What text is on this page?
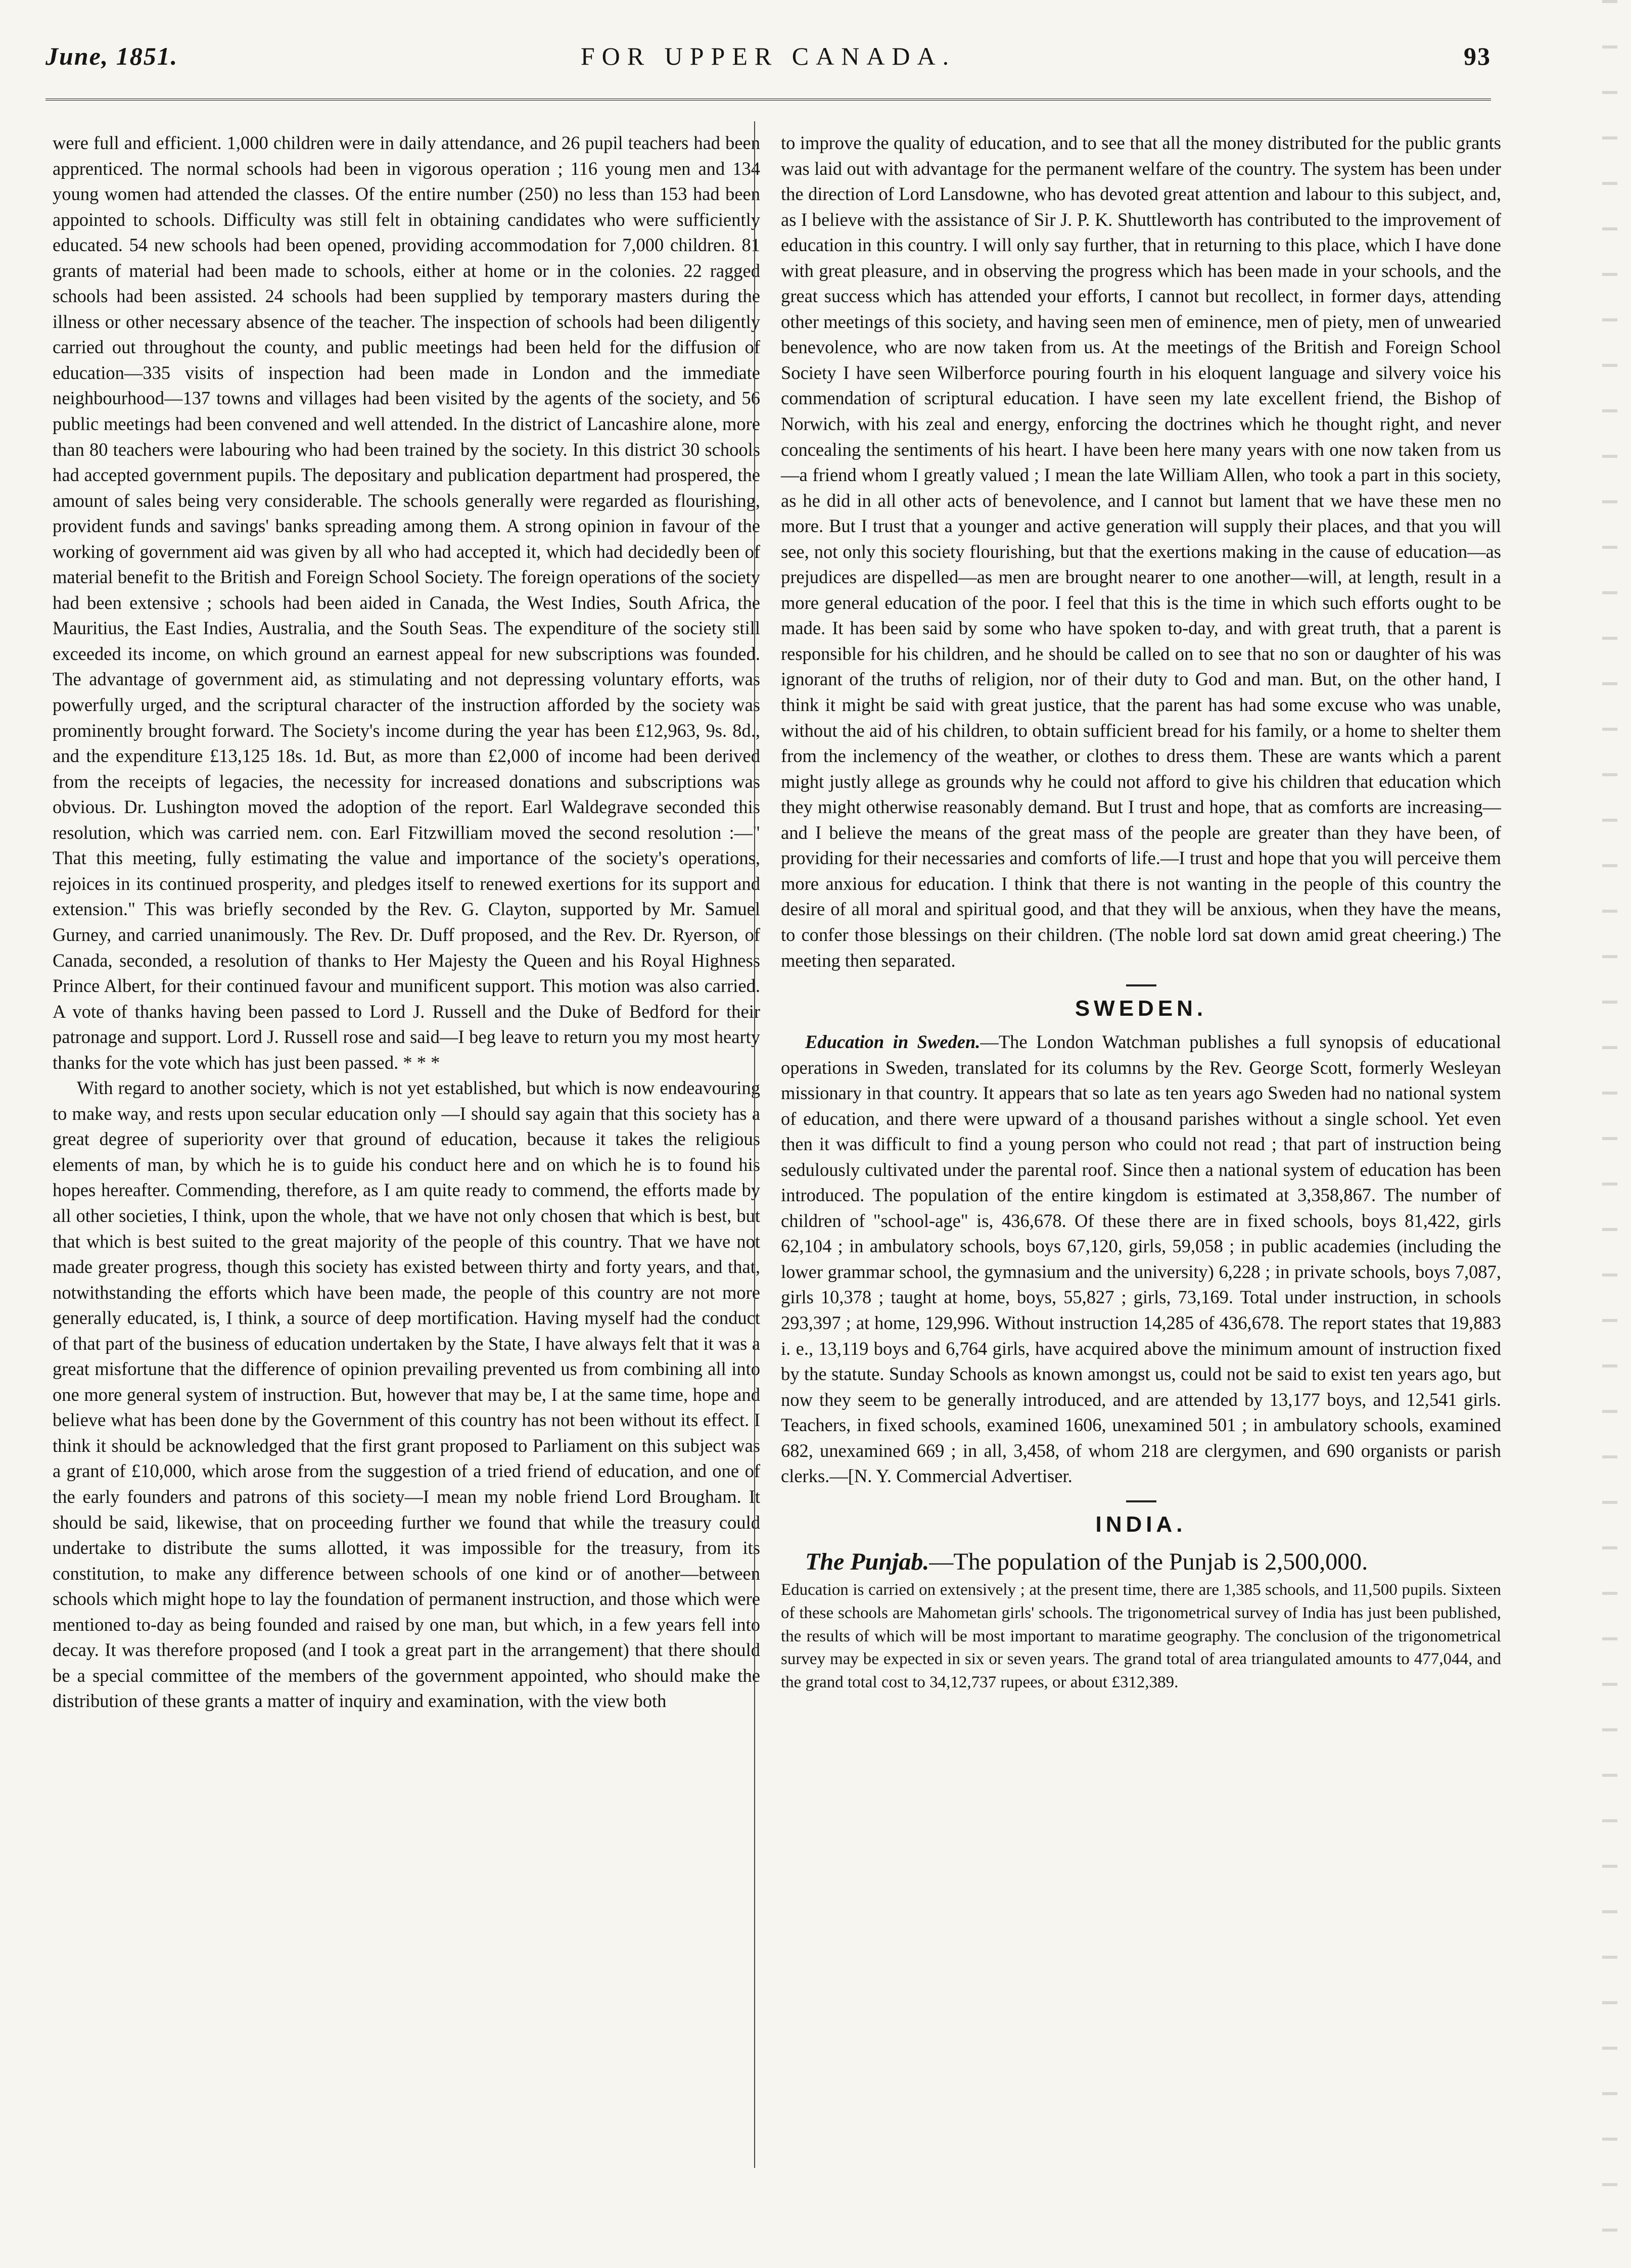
June, 1851.	FOR UPPER CANADA.	93

were full and efficient. 1,000 children were in daily attendance, and 26 pupil teachers had been apprenticed. The normal schools had been in vigorous operation ; 116 young men and 134 young women had attended the classes. Of the entire number (250) no less than 153 had been appointed to schools. Difficulty was still felt in obtaining candidates who were sufficiently educated. 54 new schools had been opened, providing accommodation for 7,000 children. 81 grants of material had been made to schools, either at home or in the colonies. 22 ragged schools had been assisted. 24 schools had been supplied by temporary masters during the illness or other necessary absence of the teacher. The inspection of schools had been diligently carried out throughout the county, and public meetings had been held for the diffusion of education—335 visits of inspection had been made in London and the immediate neighbourhood—137 towns and villages had been visited by the agents of the society, and 56 public meetings had been convened and well attended. In the district of Lancashire alone, more than 80 teachers were labouring who had been trained by the society. In this district 30 schools had accepted government pupils. The depositary and publication department had prospered, the amount of sales being very considerable. The schools generally were regarded as flourishing, provident funds and savings' banks spreading among them. A strong opinion in favour of the working of government aid was given by all who had accepted it, which had decidedly been of material benefit to the British and Foreign School Society. The foreign operations of the society had been extensive ; schools had been aided in Canada, the West Indies, South Africa, the Mauritius, the East Indies, Australia, and the South Seas. The expenditure of the society still exceeded its income, on which ground an earnest appeal for new subscriptions was founded. The advantage of government aid, as stimulating and not depressing voluntary efforts, was powerfully urged, and the scriptural character of the instruction afforded by the society was prominently brought forward. The Society's income during the year has been £12,963, 9s. 8d., and the expenditure £13,125 18s. 1d. But, as more than £2,000 of income had been derived from the receipts of legacies, the necessity for increased donations and subscriptions was obvious. Dr. Lushington moved the adoption of the report. Earl Waldegrave seconded this resolution, which was carried nem. con. Earl Fitzwilliam moved the second resolution :—" That this meeting, fully estimating the value and importance of the society's operations, rejoices in its continued prosperity, and pledges itself to renewed exertions for its support and extension." This was briefly seconded by the Rev. G. Clayton, supported by Mr. Samuel Gurney, and carried unanimously. The Rev. Dr. Duff proposed, and the Rev. Dr. Ryerson, of Canada, seconded, a resolution of thanks to Her Majesty the Queen and his Royal Highness Prince Albert, for their continued favour and munificent support. This motion was also carried. A vote of thanks having been passed to Lord J. Russell and the Duke of Bedford for their patronage and support. Lord J. Russell rose and said—I beg leave to return you my most hearty thanks for the vote which has just been passed. * * *

With regard to another society, which is not yet established, but which is now endeavouring to make way, and rests upon secular education only —I should say again that this society has a great degree of superiority over that ground of education, because it takes the religious elements of man, by which he is to guide his conduct here and on which he is to found his hopes hereafter. Commending, therefore, as I am quite ready to commend, the efforts made by all other societies, I think, upon the whole, that we have not only chosen that which is best, but that which is best suited to the great majority of the people of this country. That we have not made greater progress, though this society has existed between thirty and forty years, and that, notwithstanding the efforts which have been made, the people of this country are not more generally educated, is, I think, a source of deep mortification. Having myself had the conduct of that part of the business of education undertaken by the State, I have always felt that it was a great misfortune that the difference of opinion prevailing prevented us from combining all into one more general system of instruction. But, however that may be, I at the same time, hope and believe what has been done by the Government of this country has not been without its effect. I think it should be acknowledged that the first grant proposed to Parliament on this subject was a grant of £10,000, which arose from the suggestion of a tried friend of education, and one of the early founders and patrons of this society—I mean my noble friend Lord Brougham. It should be said, likewise, that on proceeding further we found that while the treasury could undertake to distribute the sums allotted, it was impossible for the treasury, from its constitution, to make any difference between schools of one kind or of another—between schools which might hope to lay the foundation of permanent instruction, and those which were mentioned to-day as being founded and raised by one man, but which, in a few years fell into decay. It was therefore proposed (and I took a great part in the arrangement) that there should be a special committee of the members of the government appointed, who should make the distribution of these grants a matter of inquiry and examination, with the view both

to improve the quality of education, and to see that all the money distributed for the public grants was laid out with advantage for the permanent welfare of the country. The system has been under the direction of Lord Lansdowne, who has devoted great attention and labour to this subject, and, as I believe with the assistance of Sir J. P. K. Shuttleworth has contributed to the improvement of education in this country. I will only say further, that in returning to this place, which I have done with great pleasure, and in observing the progress which has been made in your schools, and the great success which has attended your efforts, I cannot but recollect, in former days, attending other meetings of this society, and having seen men of eminence, men of piety, men of unwearied benevolence, who are now taken from us. At the meetings of the British and Foreign School Society I have seen Wilberforce pouring fourth in his eloquent language and silvery voice his commendation of scriptural education. I have seen my late excellent friend, the Bishop of Norwich, with his zeal and energy, enforcing the doctrines which he thought right, and never concealing the sentiments of his heart. I have been here many years with one now taken from us—a friend whom I greatly valued ; I mean the late William Allen, who took a part in this society, as he did in all other acts of benevolence, and I cannot but lament that we have these men no more. But I trust that a younger and active generation will supply their places, and that you will see, not only this society flourishing, but that the exertions making in the cause of education—as prejudices are dispelled—as men are brought nearer to one another—will, at length, result in a more general education of the poor. I feel that this is the time in which such efforts ought to be made. It has been said by some who have spoken to-day, and with great truth, that a parent is responsible for his children, and he should be called on to see that no son or daughter of his was ignorant of the truths of religion, nor of their duty to God and man. But, on the other hand, I think it might be said with great justice, that the parent has had some excuse who was unable, without the aid of his children, to obtain sufficient bread for his family, or a home to shelter them from the inclemency of the weather, or clothes to dress them. These are wants which a parent might justly allege as grounds why he could not afford to give his children that education which they might otherwise reasonably demand. But I trust and hope, that as comforts are increasing—and I believe the means of the great mass of the people are greater than they have been, of providing for their necessaries and comforts of life.—I trust and hope that you will perceive them more anxious for education. I think that there is not wanting in the people of this country the desire of all moral and spiritual good, and that they will be anxious, when they have the means, to confer those blessings on their children. (The noble lord sat down amid great cheering.) The meeting then separated.

SWEDEN.

Education in Sweden.—The London Watchman publishes a full synopsis of educational operations in Sweden, translated for its columns by the Rev. George Scott, formerly Wesleyan missionary in that country. It appears that so late as ten years ago Sweden had no national system of education, and there were upward of a thousand parishes without a single school. Yet even then it was difficult to find a young person who could not read ; that part of instruction being sedulously cultivated under the parental roof. Since then a national system of education has been introduced. The population of the entire kingdom is estimated at 3,358,867. The number of children of "school-age" is, 436,678. Of these there are in fixed schools, boys 81,422, girls 62,104 ; in ambulatory schools, boys 67,120, girls, 59,058 ; in public academies (including the lower grammar school, the gymnasium and the university) 6,228 ; in private schools, boys 7,087, girls 10,378 ; taught at home, boys, 55,827 ; girls, 73,169. Total under instruction, in schools 293,397 ; at home, 129,996. Without instruction 14,285 of 436,678. The report states that 19,883 i. e., 13,119 boys and 6,764 girls, have acquired above the minimum amount of instruction fixed by the statute. Sunday Schools as known amongst us, could not be said to exist ten years ago, but now they seem to be generally introduced, and are attended by 13,177 boys, and 12,541 girls. Teachers, in fixed schools, examined 1606, unexamined 501 ; in ambulatory schools, examined 682, unexamined 669 ; in all, 3,458, of whom 218 are clergymen, and 690 organists or parish clerks.—[N. Y. Commercial Advertiser.

INDIA.

The Punjab.—The population of the Punjab is 2,500,000.

Education is carried on extensively ; at the present time, there are 1,385 schools, and 11,500 pupils. Sixteen of these schools are Mahometan girls' schools. The trigonometrical survey of India has just been published, the results of which will be most important to maratime geography. The conclusion of the trigonometrical survey may be expected in six or seven years. The grand total of area triangulated amounts to 477,044, and the grand total cost to 34,12,737 rupees, or about £312,389.
